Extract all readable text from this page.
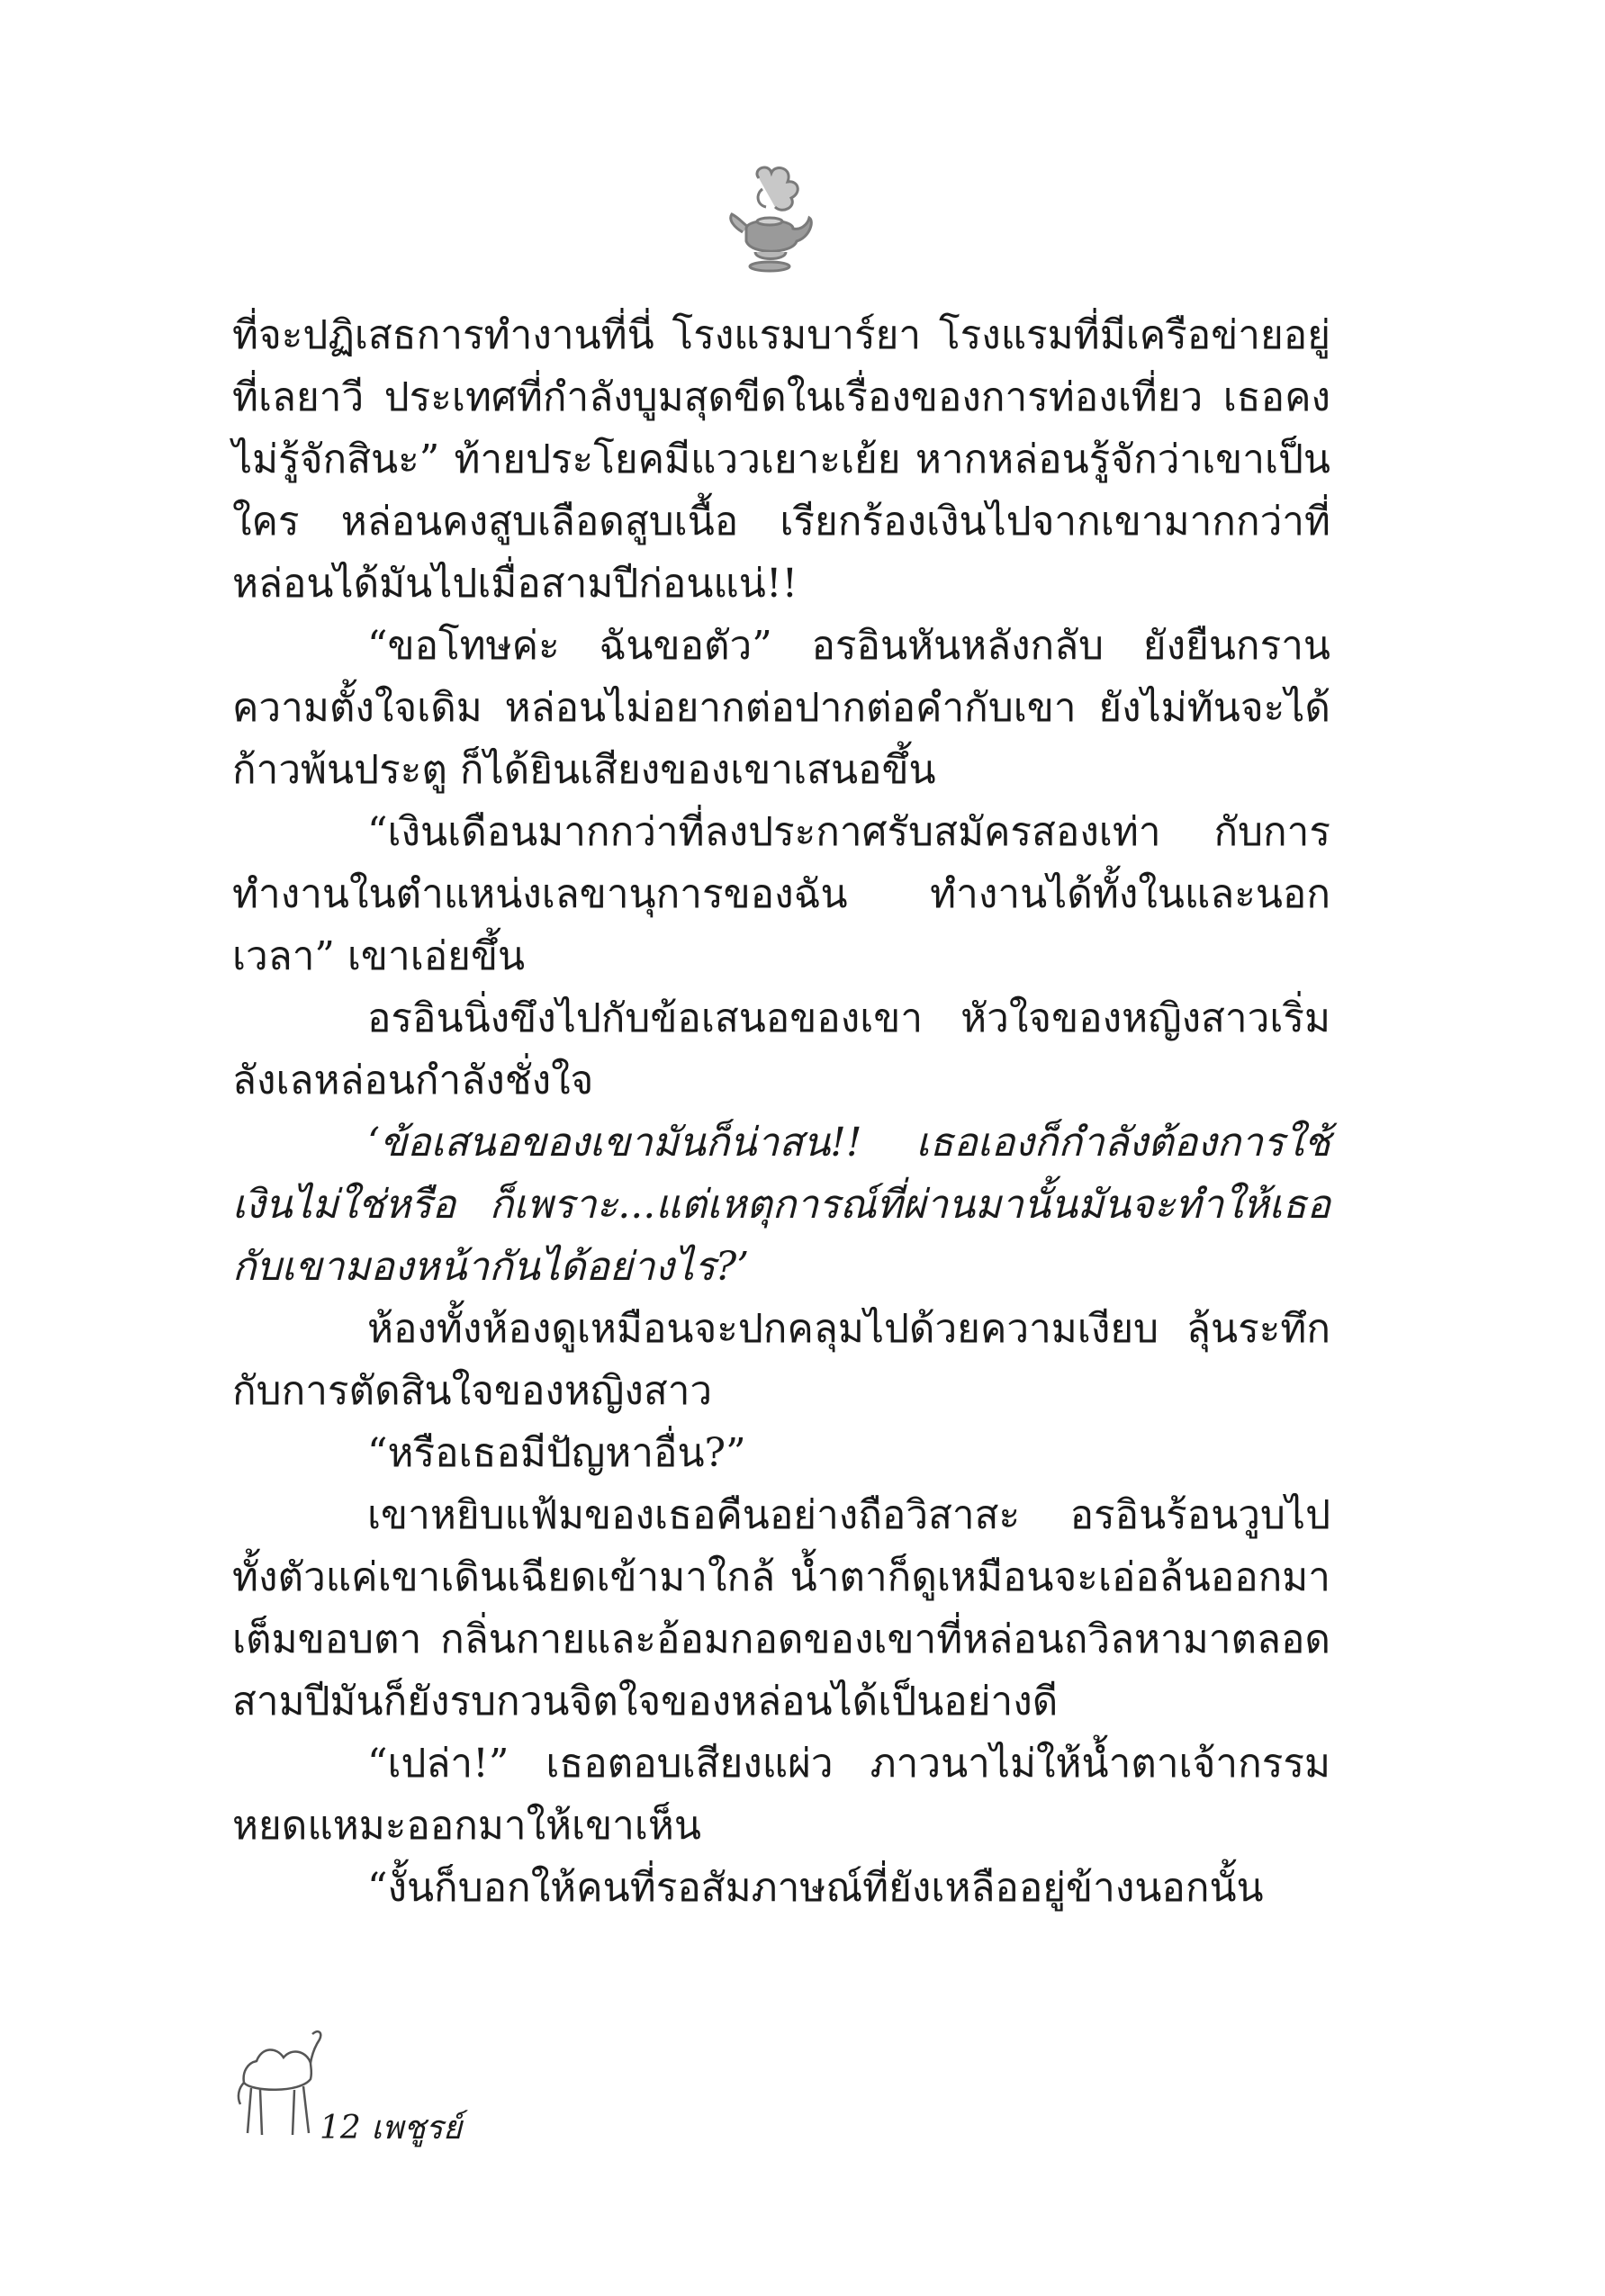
ที่จะปฏิเสธการทำงานที่นี่ โรงแรมบาร์ยา โรงแรมที่มีเครือข่ายอยู่ที่เลยาวี ประเทศที่กำลังบูมสุดขีดในเรื่องของการท่องเที่ยว เธอคงไม่รู้จักสินะ” ท้ายประโยคมีแววเยาะเย้ย หากหล่อนรู้จักว่าเขาเป็นใคร หล่อนคงสูบเลือดสูบเนื้อ เรียกร้องเงินไปจากเขามากกว่าที่หล่อนได้มันไปเมื่อสามปีก่อนแน่!!

“ขอโทษค่ะ ฉันขอตัว” อรอินหันหลังกลับ ยังยืนกรานความตั้งใจเดิม หล่อนไม่อยากต่อปากต่อคำกับเขา ยังไม่ทันจะได้ก้าวพ้นประตู ก็ได้ยินเสียงของเขาเสนอขึ้น

“เงินเดือนมากกว่าที่ลงประกาศรับสมัครสองเท่า กับการทำงานในตำแหน่งเลขานุการของฉัน ทำงานได้ทั้งในและนอกเวลา” เขาเอ่ยขึ้น

อรอินนิ่งขึงไปกับข้อเสนอของเขา หัวใจของหญิงสาวเริ่มลังเลหล่อนกำลังชั่งใจ

‘ข้อเสนอของเขามันก็น่าสน!! เธอเองก็กำลังต้องการใช้เงินไม่ใช่หรือ ก็เพราะ...แต่เหตุการณ์ที่ผ่านมานั้นมันจะทำให้เธอกับเขามองหน้ากันได้อย่างไร?’

ห้องทั้งห้องดูเหมือนจะปกคลุมไปด้วยความเงียบ ลุ้นระทึกกับการตัดสินใจของหญิงสาว

“หรือเธอมีปัญหาอื่น?”

เขาหยิบแฟ้มของเธอคืนอย่างถือวิสาสะ อรอินร้อนวูบไปทั้งตัวแค่เขาเดินเฉียดเข้ามาใกล้ น้ำตาก็ดูเหมือนจะเอ่อล้นออกมาเต็มขอบตา กลิ่นกายและอ้อมกอดของเขาที่หล่อนถวิลหามาตลอดสามปีมันก็ยังรบกวนจิตใจของหล่อนได้เป็นอย่างดี

“เปล่า!” เธอตอบเสียงแผ่ว ภาวนาไม่ให้น้ำตาเจ้ากรรมหยดแหมะออกมาให้เขาเห็น

“งั้นก็บอกให้คนที่รอสัมภาษณ์ที่ยังเหลืออยู่ข้างนอกนั้น

12 เพชูรย์
